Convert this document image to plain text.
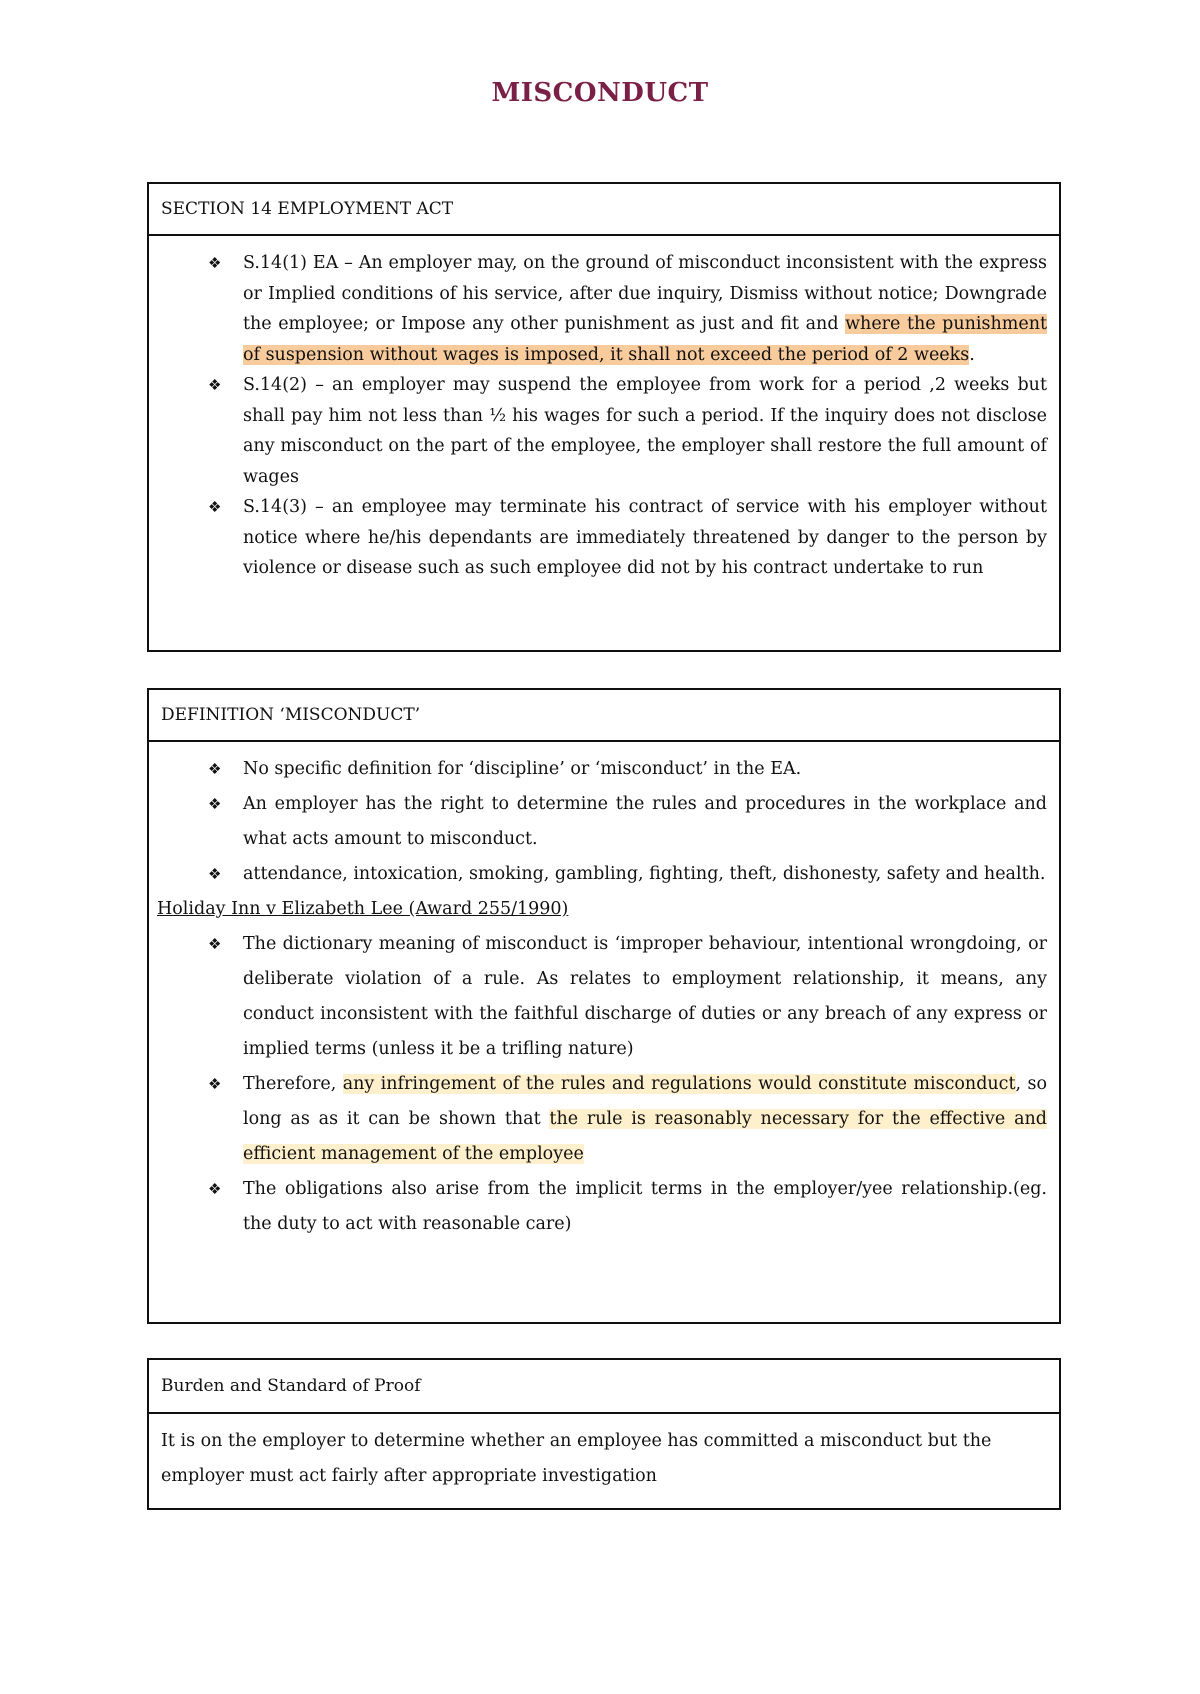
MISCONDUCT
SECTION 14 EMPLOYMENT ACT
❖ S.14(1) EA – An employer may, on the ground of misconduct inconsistent with the express or Implied conditions of his service, after due inquiry, Dismiss without notice; Downgrade the employee; or Impose any other punishment as just and fit and where the punishment of suspension without wages is imposed, it shall not exceed the period of 2 weeks.
❖ S.14(2) – an employer may suspend the employee from work for a period ,2 weeks but shall pay him not less than ½ his wages for such a period. If the inquiry does not disclose any misconduct on the part of the employee, the employer shall restore the full amount of wages
❖ S.14(3) – an employee may terminate his contract of service with his employer without notice where he/his dependants are immediately threatened by danger to the person by violence or disease such as such employee did not by his contract undertake to run
DEFINITION ‘MISCONDUCT’
❖ No specific definition for ‘discipline’ or ‘misconduct’ in the EA.
❖ An employer has the right to determine the rules and procedures in the workplace and what acts amount to misconduct.
❖ attendance, intoxication, smoking, gambling, fighting, theft, dishonesty, safety and health.
Holiday Inn v Elizabeth Lee (Award 255/1990)
❖ The dictionary meaning of misconduct is ‘improper behaviour, intentional wrongdoing, or deliberate violation of a rule. As relates to employment relationship, it means, any conduct inconsistent with the faithful discharge of duties or any breach of any express or implied terms (unless it be a trifling nature)
❖ Therefore, any infringement of the rules and regulations would constitute misconduct, so long as as it can be shown that the rule is reasonably necessary for the effective and efficient management of the employee
❖ The obligations also arise from the implicit terms in the employer/yee relationship.(eg. the duty to act with reasonable care)
Burden and Standard of Proof
It is on the employer to determine whether an employee has committed a misconduct but the employer must act fairly after appropriate investigation
